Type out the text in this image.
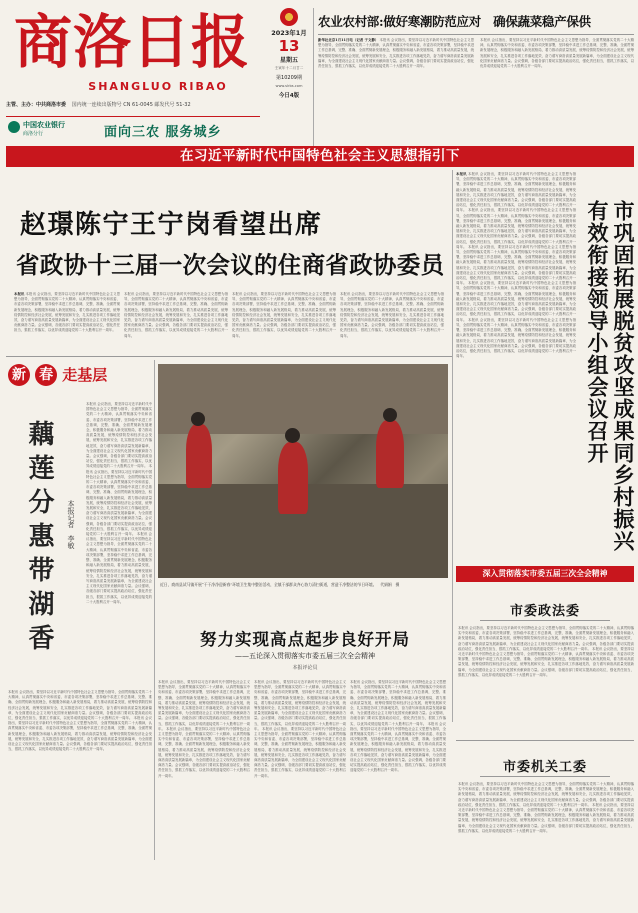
商洛日报
SHANGLUO RIBAO
主管、主办：中共商洛市委 国内统一连续出版物号 CN 61-0045 邮发代号 51-32
中国农业银行
商洛分行	面向三农 服务城乡
2023年1月
13
星期五
壬寅年十二月廿二
第10209期
www.slrbs.com
今日4版
农业农村部:做好寒潮防范应对　确保蔬菜稳产保供
新华社北京1月11日电（记者 于文静） 本报讯 会议指出，要坚持以习近平新时代中国特色社会主义思想为指导，全面贯彻落实党的二十大精神，认真贯彻落实中央和省委、市委各项决策部署，坚持稳中求进工作总基调，完整、准确、全面贯彻新发展理念，积极服务和融入新发展格局，着力推动高质量发展，统筹疫情防控和经济社会发展，统筹发展和安全，扎实推进各项工作落地见效，奋力谱写商洛高质量发展新篇章，为全面建设社会主义现代化国家贡献商洛力量。会议强调，各级各部门要切实提高政治站位，强化责任担当，狠抓工作落实，以优异成绩迎接党的二十大胜利召开一周年。
本报讯 会议指出，要坚持以习近平新时代中国特色社会主义思想为指导，全面贯彻落实党的二十大精神，认真贯彻落实中央和省委、市委各项决策部署，坚持稳中求进工作总基调，完整、准确、全面贯彻新发展理念，积极服务和融入新发展格局，着力推动高质量发展，统筹疫情防控和经济社会发展，统筹发展和安全，扎实推进各项工作落地见效，奋力谱写商洛高质量发展新篇章，为全面建设社会主义现代化国家贡献商洛力量。会议强调，各级各部门要切实提高政治站位，强化责任担当，狠抓工作落实，以优异成绩迎接党的二十大胜利召开一周年。
在习近平新时代中国特色社会主义思想指引下
赵璟陈宁王宁岗看望出席
省政协十三届一次会议的住商省政协委员
本报讯 本报讯 会议指出，要坚持以习近平新时代中国特色社会主义思想为指导，全面贯彻落实党的二十大精神，认真贯彻落实中央和省委、市委各项决策部署，坚持稳中求进工作总基调，完整、准确、全面贯彻新发展理念，积极服务和融入新发展格局，着力推动高质量发展，统筹疫情防控和经济社会发展，统筹发展和安全，扎实推进各项工作落地见效，奋力谱写商洛高质量发展新篇章，为全面建设社会主义现代化国家贡献商洛力量。会议强调，各级各部门要切实提高政治站位，强化责任担当，狠抓工作落实，以优异成绩迎接党的二十大胜利召开一周年。
本报讯 会议指出，要坚持以习近平新时代中国特色社会主义思想为指导，全面贯彻落实党的二十大精神，认真贯彻落实中央和省委、市委各项决策部署，坚持稳中求进工作总基调，完整、准确、全面贯彻新发展理念，积极服务和融入新发展格局，着力推动高质量发展，统筹疫情防控和经济社会发展，统筹发展和安全，扎实推进各项工作落地见效，奋力谱写商洛高质量发展新篇章，为全面建设社会主义现代化国家贡献商洛力量。会议强调，各级各部门要切实提高政治站位，强化责任担当，狠抓工作落实，以优异成绩迎接党的二十大胜利召开一周年。
本报讯 会议指出，要坚持以习近平新时代中国特色社会主义思想为指导，全面贯彻落实党的二十大精神，认真贯彻落实中央和省委、市委各项决策部署，坚持稳中求进工作总基调，完整、准确、全面贯彻新发展理念，积极服务和融入新发展格局，着力推动高质量发展，统筹疫情防控和经济社会发展，统筹发展和安全，扎实推进各项工作落地见效，奋力谱写商洛高质量发展新篇章，为全面建设社会主义现代化国家贡献商洛力量。会议强调，各级各部门要切实提高政治站位，强化责任担当，狠抓工作落实，以优异成绩迎接党的二十大胜利召开一周年。
本报讯 会议指出，要坚持以习近平新时代中国特色社会主义思想为指导，全面贯彻落实党的二十大精神，认真贯彻落实中央和省委、市委各项决策部署，坚持稳中求进工作总基调，完整、准确、全面贯彻新发展理念，积极服务和融入新发展格局，着力推动高质量发展，统筹疫情防控和经济社会发展，统筹发展和安全，扎实推进各项工作落地见效，奋力谱写商洛高质量发展新篇章，为全面建设社会主义现代化国家贡献商洛力量。会议强调，各级各部门要切实提高政治站位，强化责任担当，狠抓工作落实，以优异成绩迎接党的二十大胜利召开一周年。
本报讯 本报讯 会议指出，要坚持以习近平新时代中国特色社会主义思想为指导，全面贯彻落实党的二十大精神，认真贯彻落实中央和省委、市委各项决策部署，坚持稳中求进工作总基调，完整、准确、全面贯彻新发展理念，积极服务和融入新发展格局，着力推动高质量发展，统筹疫情防控和经济社会发展，统筹发展和安全，扎实推进各项工作落地见效，奋力谱写商洛高质量发展新篇章，为全面建设社会主义现代化国家贡献商洛力量。会议强调，各级各部门要切实提高政治站位，强化责任担当，狠抓工作落实，以优异成绩迎接党的二十大胜利召开一周年。 本报讯 会议指出，要坚持以习近平新时代中国特色社会主义思想为指导，全面贯彻落实党的二十大精神，认真贯彻落实中央和省委、市委各项决策部署，坚持稳中求进工作总基调，完整、准确、全面贯彻新发展理念，积极服务和融入新发展格局，着力推动高质量发展，统筹疫情防控和经济社会发展，统筹发展和安全，扎实推进各项工作落地见效，奋力谱写商洛高质量发展新篇章，为全面建设社会主义现代化国家贡献商洛力量。会议强调，各级各部门要切实提高政治站位，强化责任担当，狠抓工作落实，以优异成绩迎接党的二十大胜利召开一周年。 本报讯 会议指出，要坚持以习近平新时代中国特色社会主义思想为指导，全面贯彻落实党的二十大精神，认真贯彻落实中央和省委、市委各项决策部署，坚持稳中求进工作总基调，完整、准确、全面贯彻新发展理念，积极服务和融入新发展格局，着力推动高质量发展，统筹疫情防控和经济社会发展，统筹发展和安全，扎实推进各项工作落地见效，奋力谱写商洛高质量发展新篇章，为全面建设社会主义现代化国家贡献商洛力量。会议强调，各级各部门要切实提高政治站位，强化责任担当，狠抓工作落实，以优异成绩迎接党的二十大胜利召开一周年。 本报讯 会议指出，要坚持以习近平新时代中国特色社会主义思想为指导，全面贯彻落实党的二十大精神，认真贯彻落实中央和省委、市委各项决策部署，坚持稳中求进工作总基调，完整、准确、全面贯彻新发展理念，积极服务和融入新发展格局，着力推动高质量发展，统筹疫情防控和经济社会发展，统筹发展和安全，扎实推进各项工作落地见效，奋力谱写商洛高质量发展新篇章，为全面建设社会主义现代化国家贡献商洛力量。会议强调，各级各部门要切实提高政治站位，强化责任担当，狠抓工作落实，以优异成绩迎接党的二十大胜利召开一周年。 本报讯 会议指出，要坚持以习近平新时代中国特色社会主义思想为指导，全面贯彻落实党的二十大精神，认真贯彻落实中央和省委、市委各项决策部署，坚持稳中求进工作总基调，完整、准确、全面贯彻新发展理念，积极服务和融入新发展格局，着力推动高质量发展，统筹疫情防控和经济社会发展，统筹发展和安全，扎实推进各项工作落地见效，奋力谱写商洛高质量发展新篇章，为全面建设社会主义现代化国家贡献商洛力量。会议强调，各级各部门要切实提高政治站位，强化责任担当，狠抓工作落实，以优异成绩迎接党的二十大胜利召开一周年。	市巩固拓展脱贫攻坚成果同乡村振兴有效衔接领导小组会议召开
新 春 走基层
藕莲分惠带湖香	本报记者　李敏
本报讯 会议指出，要坚持以习近平新时代中国特色社会主义思想为指导，全面贯彻落实党的二十大精神，认真贯彻落实中央和省委、市委各项决策部署，坚持稳中求进工作总基调，完整、准确、全面贯彻新发展理念，积极服务和融入新发展格局，着力推动高质量发展，统筹疫情防控和经济社会发展，统筹发展和安全，扎实推进各项工作落地见效，奋力谱写商洛高质量发展新篇章，为全面建设社会主义现代化国家贡献商洛力量。会议强调，各级各部门要切实提高政治站位，强化责任担当，狠抓工作落实，以优异成绩迎接党的二十大胜利召开一周年。 本报讯 会议指出，要坚持以习近平新时代中国特色社会主义思想为指导，全面贯彻落实党的二十大精神，认真贯彻落实中央和省委、市委各项决策部署，坚持稳中求进工作总基调，完整、准确、全面贯彻新发展理念，积极服务和融入新发展格局，着力推动高质量发展，统筹疫情防控和经济社会发展，统筹发展和安全，扎实推进各项工作落地见效，奋力谱写商洛高质量发展新篇章，为全面建设社会主义现代化国家贡献商洛力量。会议强调，各级各部门要切实提高政治站位，强化责任担当，狠抓工作落实，以优异成绩迎接党的二十大胜利召开一周年。 本报讯 会议指出，要坚持以习近平新时代中国特色社会主义思想为指导，全面贯彻落实党的二十大精神，认真贯彻落实中央和省委、市委各项决策部署，坚持稳中求进工作总基调，完整、准确、全面贯彻新发展理念，积极服务和融入新发展格局，着力推动高质量发展，统筹疫情防控和经济社会发展，统筹发展和安全，扎实推进各项工作落地见效，奋力谱写商洛高质量发展新篇章，为全面建设社会主义现代化国家贡献商洛力量。会议强调，各级各部门要切实提高政治站位，强化责任担当，狠抓工作落实，以优异成绩迎接党的二十大胜利召开一周年。
本报讯 会议指出，要坚持以习近平新时代中国特色社会主义思想为指导，全面贯彻落实党的二十大精神，认真贯彻落实中央和省委、市委各项决策部署，坚持稳中求进工作总基调，完整、准确、全面贯彻新发展理念，积极服务和融入新发展格局，着力推动高质量发展，统筹疫情防控和经济社会发展，统筹发展和安全，扎实推进各项工作落地见效，奋力谱写商洛高质量发展新篇章，为全面建设社会主义现代化国家贡献商洛力量。会议强调，各级各部门要切实提高政治站位，强化责任担当，狠抓工作落实，以优异成绩迎接党的二十大胜利召开一周年。 本报讯 会议指出，要坚持以习近平新时代中国特色社会主义思想为指导，全面贯彻落实党的二十大精神，认真贯彻落实中央和省委、市委各项决策部署，坚持稳中求进工作总基调，完整、准确、全面贯彻新发展理念，积极服务和融入新发展格局，着力推动高质量发展，统筹疫情防控和经济社会发展，统筹发展和安全，扎实推进各项工作落地见效，奋力谱写商洛高质量发展新篇章，为全面建设社会主义现代化国家贡献商洛力量。会议强调，各级各部门要切实提高政治站位，强化责任担当，狠抓工作落实，以优异成绩迎接党的二十大胜利召开一周年。
近日，商南县试马镇开展“干干净净迎新春”环境卫生集中整治活动，全镇干部群众齐心协力清扫街道，营造干净整洁的节日环境。　代娟娟　摄
努力实现高点起步良好开局
——五论深入贯彻落实市委五届三次全会精神
本报评论员
本报讯 会议指出，要坚持以习近平新时代中国特色社会主义思想为指导，全面贯彻落实党的二十大精神，认真贯彻落实中央和省委、市委各项决策部署，坚持稳中求进工作总基调，完整、准确、全面贯彻新发展理念，积极服务和融入新发展格局，着力推动高质量发展，统筹疫情防控和经济社会发展，统筹发展和安全，扎实推进各项工作落地见效，奋力谱写商洛高质量发展新篇章，为全面建设社会主义现代化国家贡献商洛力量。会议强调，各级各部门要切实提高政治站位，强化责任担当，狠抓工作落实，以优异成绩迎接党的二十大胜利召开一周年。 本报讯 会议指出，要坚持以习近平新时代中国特色社会主义思想为指导，全面贯彻落实党的二十大精神，认真贯彻落实中央和省委、市委各项决策部署，坚持稳中求进工作总基调，完整、准确、全面贯彻新发展理念，积极服务和融入新发展格局，着力推动高质量发展，统筹疫情防控和经济社会发展，统筹发展和安全，扎实推进各项工作落地见效，奋力谱写商洛高质量发展新篇章，为全面建设社会主义现代化国家贡献商洛力量。会议强调，各级各部门要切实提高政治站位，强化责任担当，狠抓工作落实，以优异成绩迎接党的二十大胜利召开一周年。
本报讯 会议指出，要坚持以习近平新时代中国特色社会主义思想为指导，全面贯彻落实党的二十大精神，认真贯彻落实中央和省委、市委各项决策部署，坚持稳中求进工作总基调，完整、准确、全面贯彻新发展理念，积极服务和融入新发展格局，着力推动高质量发展，统筹疫情防控和经济社会发展，统筹发展和安全，扎实推进各项工作落地见效，奋力谱写商洛高质量发展新篇章，为全面建设社会主义现代化国家贡献商洛力量。会议强调，各级各部门要切实提高政治站位，强化责任担当，狠抓工作落实，以优异成绩迎接党的二十大胜利召开一周年。 本报讯 会议指出，要坚持以习近平新时代中国特色社会主义思想为指导，全面贯彻落实党的二十大精神，认真贯彻落实中央和省委、市委各项决策部署，坚持稳中求进工作总基调，完整、准确、全面贯彻新发展理念，积极服务和融入新发展格局，着力推动高质量发展，统筹疫情防控和经济社会发展，统筹发展和安全，扎实推进各项工作落地见效，奋力谱写商洛高质量发展新篇章，为全面建设社会主义现代化国家贡献商洛力量。会议强调，各级各部门要切实提高政治站位，强化责任担当，狠抓工作落实，以优异成绩迎接党的二十大胜利召开一周年。
本报讯 会议指出，要坚持以习近平新时代中国特色社会主义思想为指导，全面贯彻落实党的二十大精神，认真贯彻落实中央和省委、市委各项决策部署，坚持稳中求进工作总基调，完整、准确、全面贯彻新发展理念，积极服务和融入新发展格局，着力推动高质量发展，统筹疫情防控和经济社会发展，统筹发展和安全，扎实推进各项工作落地见效，奋力谱写商洛高质量发展新篇章，为全面建设社会主义现代化国家贡献商洛力量。会议强调，各级各部门要切实提高政治站位，强化责任担当，狠抓工作落实，以优异成绩迎接党的二十大胜利召开一周年。 本报讯 会议指出，要坚持以习近平新时代中国特色社会主义思想为指导，全面贯彻落实党的二十大精神，认真贯彻落实中央和省委、市委各项决策部署，坚持稳中求进工作总基调，完整、准确、全面贯彻新发展理念，积极服务和融入新发展格局，着力推动高质量发展，统筹疫情防控和经济社会发展，统筹发展和安全，扎实推进各项工作落地见效，奋力谱写商洛高质量发展新篇章，为全面建设社会主义现代化国家贡献商洛力量。会议强调，各级各部门要切实提高政治站位，强化责任担当，狠抓工作落实，以优异成绩迎接党的二十大胜利召开一周年。
深入贯彻落实市委五届三次全会精神
市委政法委
本报讯 会议指出，要坚持以习近平新时代中国特色社会主义思想为指导，全面贯彻落实党的二十大精神，认真贯彻落实中央和省委、市委各项决策部署，坚持稳中求进工作总基调，完整、准确、全面贯彻新发展理念，积极服务和融入新发展格局，着力推动高质量发展，统筹疫情防控和经济社会发展，统筹发展和安全，扎实推进各项工作落地见效，奋力谱写商洛高质量发展新篇章，为全面建设社会主义现代化国家贡献商洛力量。会议强调，各级各部门要切实提高政治站位，强化责任担当，狠抓工作落实，以优异成绩迎接党的二十大胜利召开一周年。 本报讯 会议指出，要坚持以习近平新时代中国特色社会主义思想为指导，全面贯彻落实党的二十大精神，认真贯彻落实中央和省委、市委各项决策部署，坚持稳中求进工作总基调，完整、准确、全面贯彻新发展理念，积极服务和融入新发展格局，着力推动高质量发展，统筹疫情防控和经济社会发展，统筹发展和安全，扎实推进各项工作落地见效，奋力谱写商洛高质量发展新篇章，为全面建设社会主义现代化国家贡献商洛力量。会议强调，各级各部门要切实提高政治站位，强化责任担当，狠抓工作落实，以优异成绩迎接党的二十大胜利召开一周年。
市委机关工委
本报讯 会议指出，要坚持以习近平新时代中国特色社会主义思想为指导，全面贯彻落实党的二十大精神，认真贯彻落实中央和省委、市委各项决策部署，坚持稳中求进工作总基调，完整、准确、全面贯彻新发展理念，积极服务和融入新发展格局，着力推动高质量发展，统筹疫情防控和经济社会发展，统筹发展和安全，扎实推进各项工作落地见效，奋力谱写商洛高质量发展新篇章，为全面建设社会主义现代化国家贡献商洛力量。会议强调，各级各部门要切实提高政治站位，强化责任担当，狠抓工作落实，以优异成绩迎接党的二十大胜利召开一周年。 本报讯 会议指出，要坚持以习近平新时代中国特色社会主义思想为指导，全面贯彻落实党的二十大精神，认真贯彻落实中央和省委、市委各项决策部署，坚持稳中求进工作总基调，完整、准确、全面贯彻新发展理念，积极服务和融入新发展格局，着力推动高质量发展，统筹疫情防控和经济社会发展，统筹发展和安全，扎实推进各项工作落地见效，奋力谱写商洛高质量发展新篇章，为全面建设社会主义现代化国家贡献商洛力量。会议强调，各级各部门要切实提高政治站位，强化责任担当，狠抓工作落实，以优异成绩迎接党的二十大胜利召开一周年。
